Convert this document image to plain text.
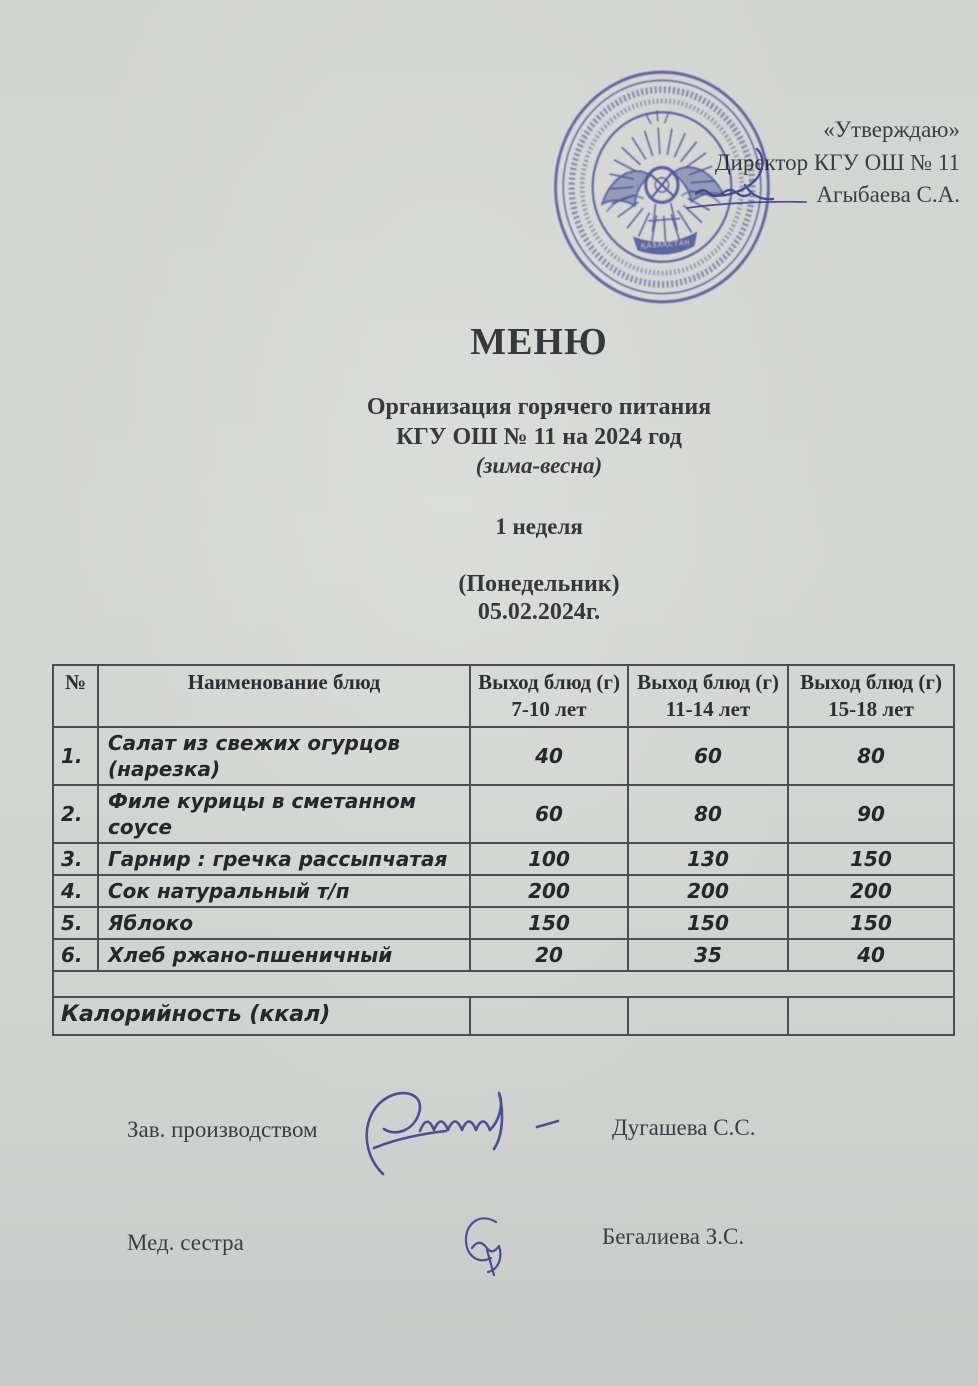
«Утверждаю»
Директор КГУ ОШ № 11
Агыбаева С.А.
ҚАЗАҚСТАН
МЕНЮ
Организация горячего питания
КГУ ОШ № 11 на 2024 год
(зима-весна)
1 неделя
(Понедельник)
05.02.2024г.
№	Наименование блюд	Выход блюд (г) 7-10 лет	Выход блюд (г) 11-14 лет	Выход блюд (г) 15-18 лет
1.	Салат из свежих огурцов (нарезка)	40	60	80
2.	Филе курицы в сметанном соусе	60	80	90
3.	Гарнир : гречка рассыпчатая	100	130	150
4.	Сок натуральный т/п	200	200	200
5.	Яблоко	150	150	150
6.	Хлеб ржано-пшеничный	20	35	40

Калорийность (ккал)				
Зав. производством	Дугашева С.С.
Мед. сестра	Бегалиева З.С.
